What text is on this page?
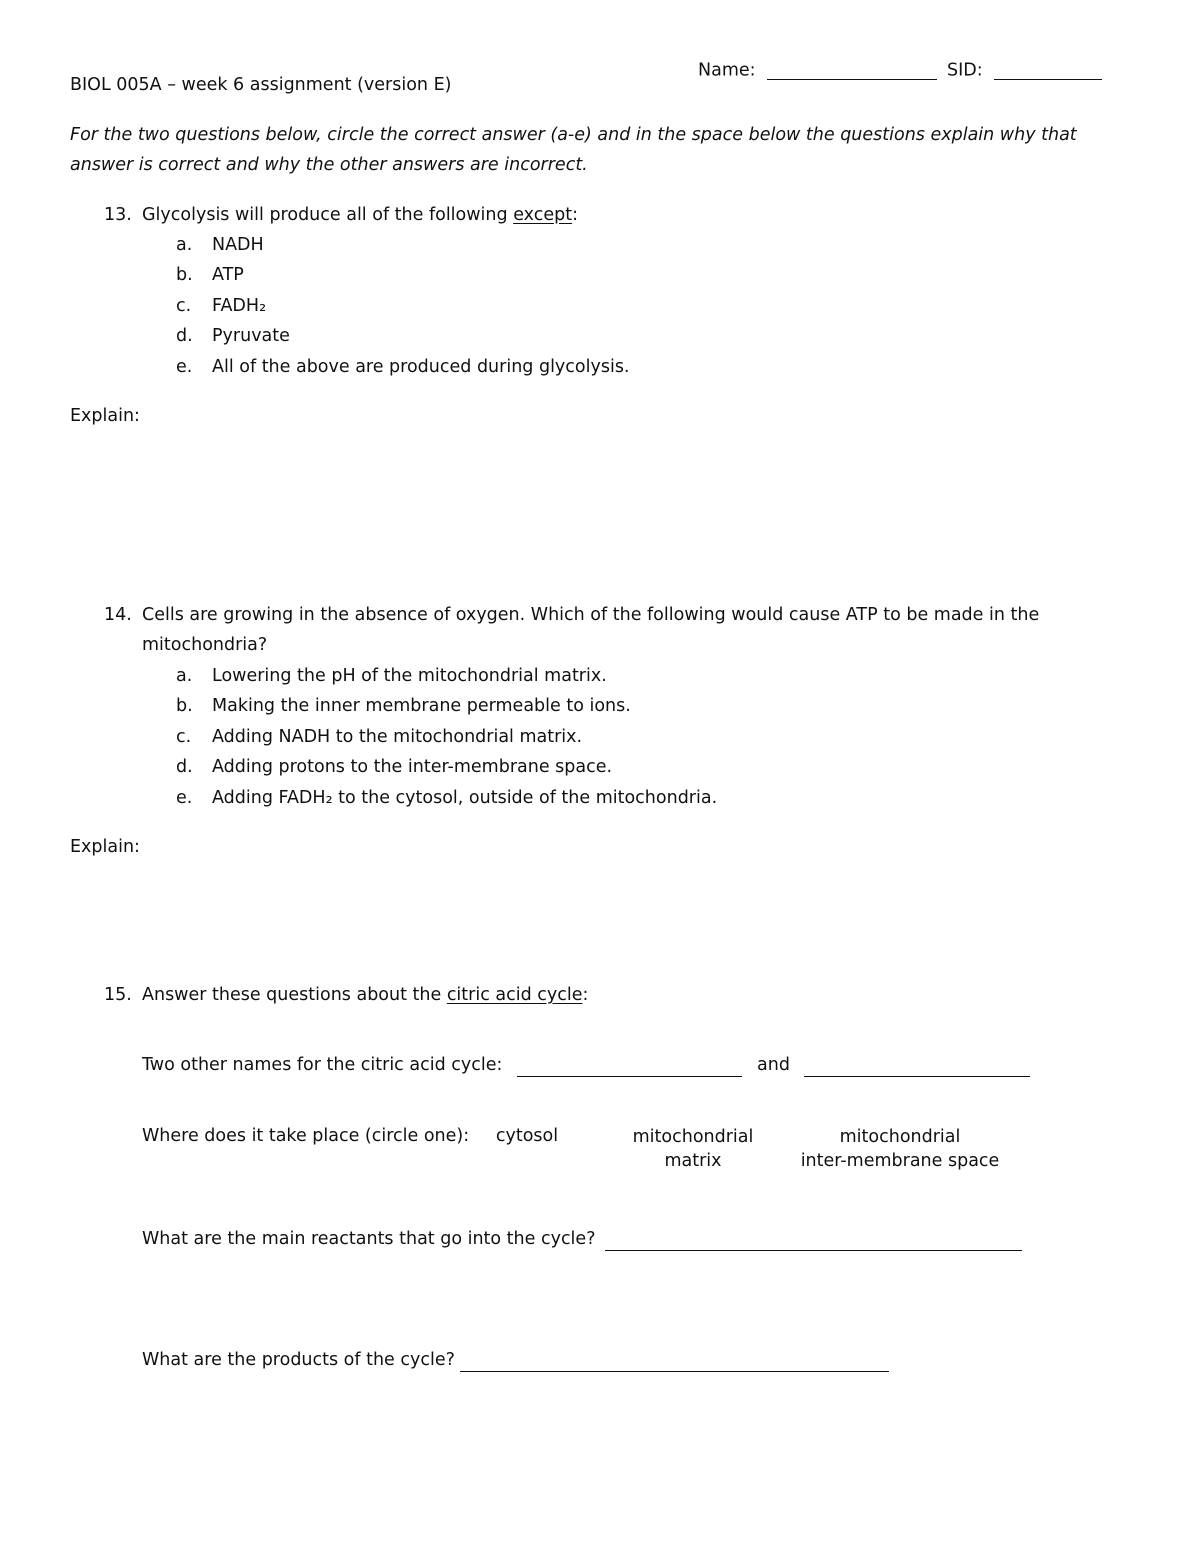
BIOL 005A – week 6 assignment (version E)
Name:	SID:
For the two questions below, circle the correct answer (a-e) and in the space below the questions explain why that answer is correct and why the other answers are incorrect.
13. Glycolysis will produce all of the following except:
a. NADH
b. ATP
c. FADH₂
d. Pyruvate
e. All of the above are produced during glycolysis.
Explain:
14. Cells are growing in the absence of oxygen. Which of the following would cause ATP to be made in the
mitochondria?
a. Lowering the pH of the mitochondrial matrix.
b. Making the inner membrane permeable to ions.
c. Adding NADH to the mitochondrial matrix.
d. Adding protons to the inter-membrane space.
e. Adding FADH₂ to the cytosol, outside of the mitochondria.
Explain:
15. Answer these questions about the citric acid cycle:
Two other names for the citric acid cycle:	and
Where does it take place (circle one):	cytosol	mitochondrial
matrix
mitochondrial
inter-membrane space
What are the main reactants that go into the cycle?
What are the products of the cycle?
